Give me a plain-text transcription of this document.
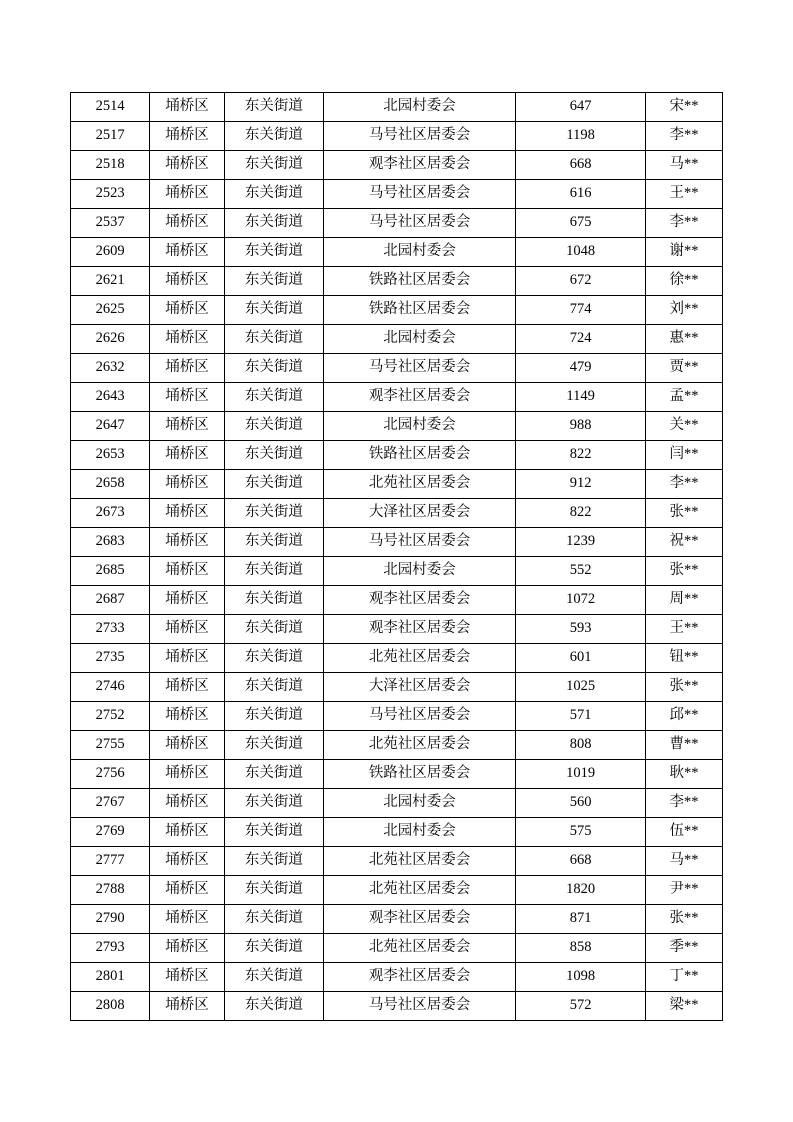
2514	埇桥区	东关街道	北园村委会	647	宋**
2517	埇桥区	东关街道	马号社区居委会	1198	李**
2518	埇桥区	东关街道	观李社区居委会	668	马**
2523	埇桥区	东关街道	马号社区居委会	616	王**
2537	埇桥区	东关街道	马号社区居委会	675	李**
2609	埇桥区	东关街道	北园村委会	1048	谢**
2621	埇桥区	东关街道	铁路社区居委会	672	徐**
2625	埇桥区	东关街道	铁路社区居委会	774	刘**
2626	埇桥区	东关街道	北园村委会	724	惠**
2632	埇桥区	东关街道	马号社区居委会	479	贾**
2643	埇桥区	东关街道	观李社区居委会	1149	孟**
2647	埇桥区	东关街道	北园村委会	988	关**
2653	埇桥区	东关街道	铁路社区居委会	822	闫**
2658	埇桥区	东关街道	北苑社区居委会	912	李**
2673	埇桥区	东关街道	大泽社区居委会	822	张**
2683	埇桥区	东关街道	马号社区居委会	1239	祝**
2685	埇桥区	东关街道	北园村委会	552	张**
2687	埇桥区	东关街道	观李社区居委会	1072	周**
2733	埇桥区	东关街道	观李社区居委会	593	王**
2735	埇桥区	东关街道	北苑社区居委会	601	钮**
2746	埇桥区	东关街道	大泽社区居委会	1025	张**
2752	埇桥区	东关街道	马号社区居委会	571	邱**
2755	埇桥区	东关街道	北苑社区居委会	808	曹**
2756	埇桥区	东关街道	铁路社区居委会	1019	耿**
2767	埇桥区	东关街道	北园村委会	560	李**
2769	埇桥区	东关街道	北园村委会	575	伍**
2777	埇桥区	东关街道	北苑社区居委会	668	马**
2788	埇桥区	东关街道	北苑社区居委会	1820	尹**
2790	埇桥区	东关街道	观李社区居委会	871	张**
2793	埇桥区	东关街道	北苑社区居委会	858	季**
2801	埇桥区	东关街道	观李社区居委会	1098	丁**
2808	埇桥区	东关街道	马号社区居委会	572	梁**
